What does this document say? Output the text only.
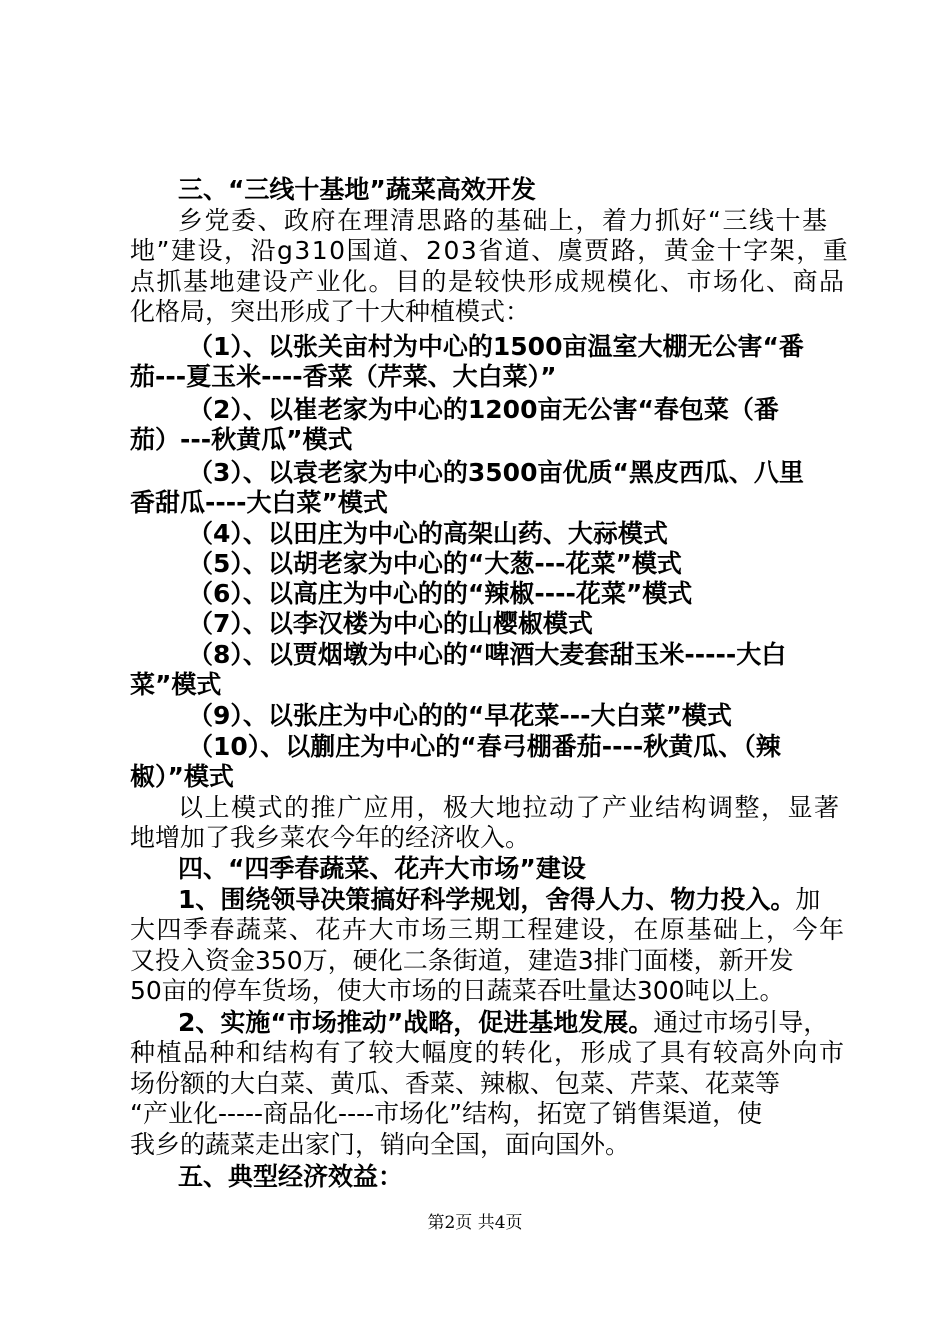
三、“三线十基地”蔬菜高效开发
乡党委、政府在理清思路的基础上，着力抓好“三线十基
地”建设，沿g310国道、203省道、虞贾路，黄金十字架，重
点抓基地建设产业化。目的是较快形成规模化、市场化、商品
化格局，突出形成了十大种植模式：
（1）、以张关亩村为中心的1500亩温室大棚无公害“番
茄---夏玉米----香菜（芹菜、大白菜）”
（2）、以崔老家为中心的1200亩无公害“春包菜（番
茄）---秋黄瓜”模式
（3）、以袁老家为中心的3500亩优质“黑皮西瓜、八里
香甜瓜----大白菜”模式
（4）、以田庄为中心的高架山药、大祘模式
（5）、以胡老家为中心的“大葱---花菜”模式
（6）、以高庄为中心的的“辣椒----花菜”模式
（7）、以李汉楼为中心的山樱椒模式
（8）、以贾烟墩为中心的“啤酒大麦套甜玉米-----大白
菜”模式
（9）、以张庄为中心的的“早花菜---大白菜”模式
（10）、以蒯庄为中心的“春弓棚番茄----秋黄瓜、（辣
椒）”模式
以上模式的推广应用，极大地拉动了产业结构调整，显著
地增加了我乡菜农今年的经济收入。
四、“四季春蔬菜、花卉大市场”建设
1、围绕领导决策搞好科学规划，舍得人力、物力投入。加
大四季春蔬菜、花卉大市场三期工程建设，在原基础上，今年
又投入资金350万，硬化二条街道，建造3排门面楼，新开发
50亩的停车货场，使大市场的日蔬菜吞吐量达300吨以上。
2、实施“市场推动”战略，促进基地发展。通过市场引导，
种植品种和结构有了较大幅度的转化，形成了具有较高外向市
场份额的大白菜、黄瓜、香菜、辣椒、包菜、芹菜、花菜等
“产业化-----商品化----市场化”结构，拓宽了销售渠道，使
我乡的蔬菜走出家门，销向全国，面向国外。
五、典型经济效益：
第2页 共4页
